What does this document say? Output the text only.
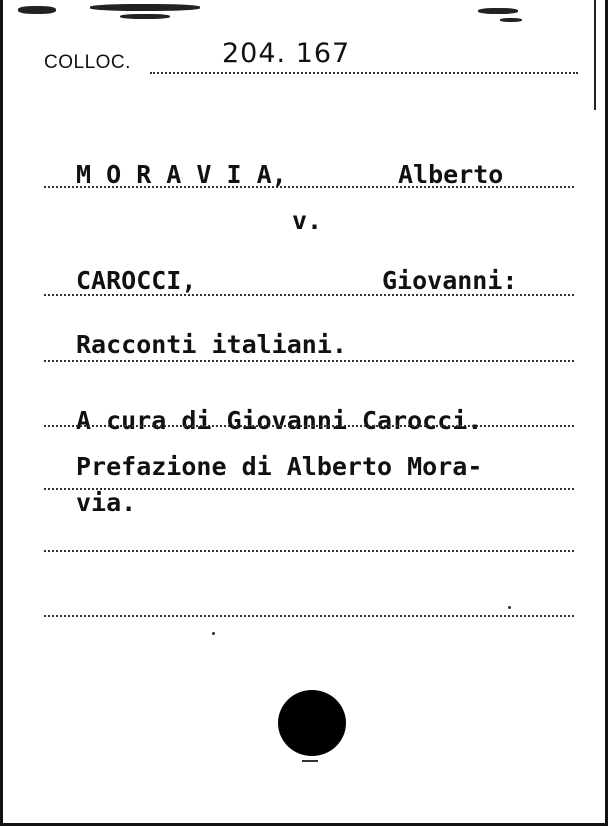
COLLOC.	204. 167
M O R A V I A,	Alberto
v.
CAROCCI,	Giovanni:
Racconti italiani.
A cura di Giovanni Carocci.
Prefazione di Alberto Mora-
via.
